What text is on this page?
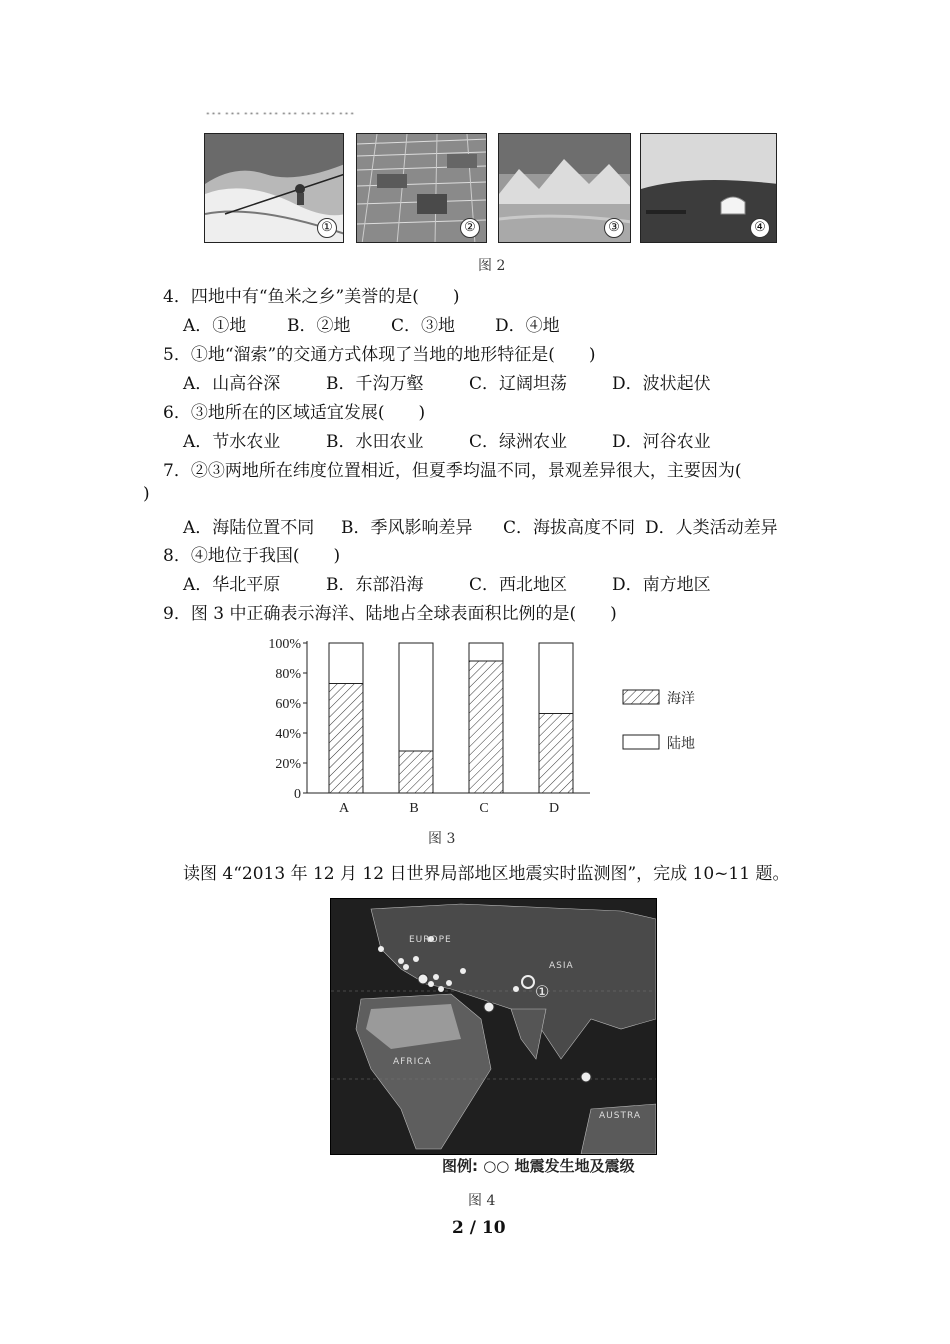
……………………
①	②	③	④
图 2
4．四地中有“鱼米之乡”美誉的是(　　)
A．①地 B．②地 C．③地 D．④地
5．①地“溜索”的交通方式体现了当地的地形特征是(　　)
A．山高谷深	B．千沟万壑	C．辽阔坦荡	D．波状起伏
6．③地所在的区域适宜发展(　　)
A．节水农业	B．水田农业	C．绿洲农业	D．河谷农业
7．②③两地所在纬度位置相近，但夏季均温不同，景观差异很大，主要因为(
)
A．海陆位置不同 B．季风影响差异 C．海拔高度不同 D．人类活动差异
8．④地位于我国(　　)
A．华北平原	B．东部沿海	C．西北地区	D．南方地区
9．图 3 中正确表示海洋、陆地占全球表面积比例的是(　　)
0
20%
40%
60%
80%
100%
A	B	C	D
海洋
陆地
图 3
读图 4“2013 年 12 月 12 日世界局部地区地震实时监测图”，完成 10~11 题。
EUROPE
ASIA
AFRICA
AUSTRA
①
图例: ○○ 地震发生地及震级
图 4
2 / 10
